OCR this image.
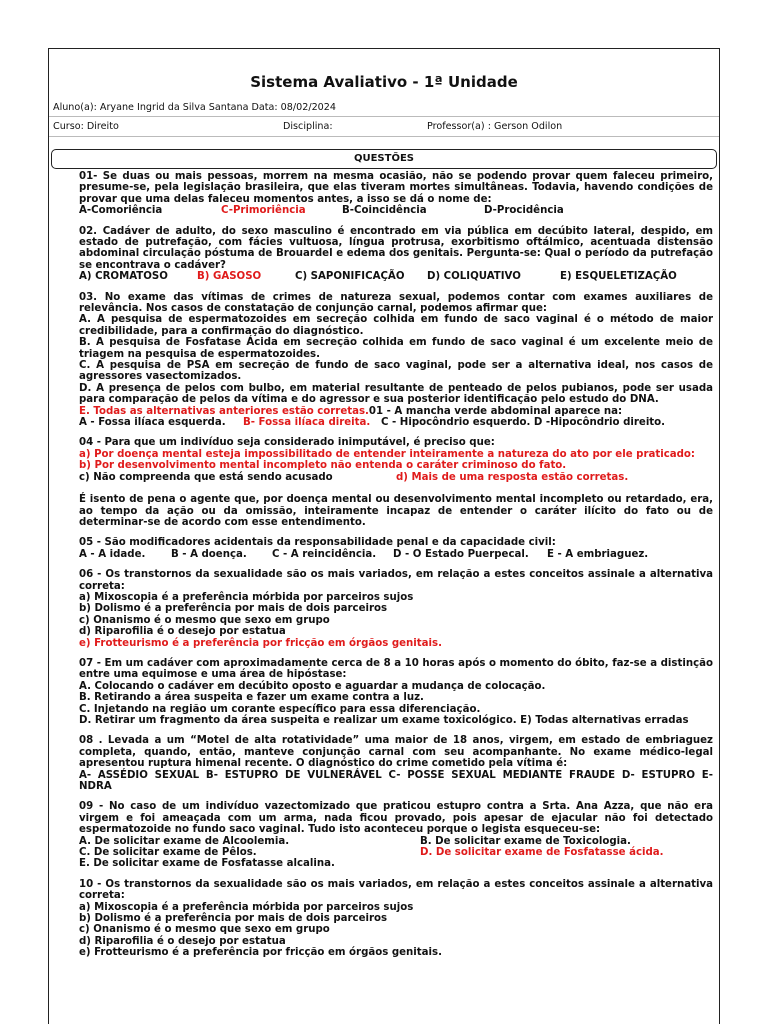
Sistema Avaliativo - 1ª Unidade
Aluno(a): Aryane Ingrid da Silva Santana Data: 08/02/2024
Curso: Direito	Disciplina:	Professor(a) : Gerson Odilon
QUESTÕES

01- Se duas ou mais pessoas, morrem na mesma ocasião, não se podendo provar quem faleceu primeiro, presume-se, pela legislação brasileira, que elas tiveram mortes simultâneas. Todavia, havendo condições de provar que uma delas faleceu momentos antes, a isso se dá o nome de:

A-Comoriência	C-Primoriência	B-Coincidência	D-Procidência

02. Cadáver de adulto, do sexo masculino é encontrado em via pública em decúbito lateral, despido, em estado de putrefação, com fácies vultuosa, língua protrusa, exorbitismo oftálmico, acentuada distensão abdominal circulação póstuma de Brouardel e edema dos genitais. Pergunta-se: Qual o período da putrefação se encontrava o cadáver?

A) CROMATOSO	B) GASOSO	C) SAPONIFICAÇÃO D) COLIQUATIVO	E) ESQUELETIZAÇÃO

03. No exame das vítimas de crimes de natureza sexual, podemos contar com exames auxiliares de relevância. Nos casos de constatação de conjunção carnal, podemos afirmar que:

A. A pesquisa de espermatozoides em secreção colhida em fundo de saco vaginal é o método de maior credibilidade, para a confirmação do diagnóstico.

B. A pesquisa de Fosfatase Ácida em secreção colhida em fundo de saco vaginal é um excelente meio de triagem na pesquisa de espermatozoides.

C. A pesquisa de PSA em secreção de fundo de saco vaginal, pode ser a alternativa ideal, nos casos de agressores vasectomizados.

D. A presença de pelos com bulbo, em material resultante de penteado de pelos pubianos, pode ser usada para comparação de pelos da vítima e do agressor e sua posterior identificação pelo estudo do DNA.

E. Todas as alternativas anteriores estão corretas.01 - A mancha verde abdominal aparece na:

A - Fossa ilíaca esquerda. B- Fossa ilíaca direita. C - Hipocôndrio esquerdo. D -Hipocôndrio direito.

04 - Para que um indivíduo seja considerado inimputável, é preciso que:

a) Por doença mental esteja impossibilitado de entender inteiramente a natureza do ato por ele praticado:

b) Por desenvolvimento mental incompleto não entenda o caráter criminoso do fato.

c) Não compreenda que está sendo acusado	d) Mais de uma resposta estão corretas.

É isento de pena o agente que, por doença mental ou desenvolvimento mental incompleto ou retardado, era, ao tempo da ação ou da omissão, inteiramente incapaz de entender o caráter ilícito do fato ou de determinar-se de acordo com esse entendimento.

05 - São modificadores acidentais da responsabilidade penal e da capacidade civil:

A - A idade.	B - A doença. C - A reincidência. D - O Estado Puerpecal. E - A embriaguez.

06 - Os transtornos da sexualidade são os mais variados, em relação a estes conceitos assinale a alternativa correta:

a) Mixoscopia é a preferência mórbida por parceiros sujos

b) Dolismo é a preferência por mais de dois parceiros

c) Onanismo é o mesmo que sexo em grupo

d) Riparofilia é o desejo por estatua

e) Frotteurismo é a preferência por fricção em órgãos genitais.

07 - Em um cadáver com aproximadamente cerca de 8 a 10 horas após o momento do óbito, faz-se a distinção entre uma equimose e uma área de hipóstase:

A. Colocando o cadáver em decúbito oposto e aguardar a mudança de colocação.

B. Retirando a área suspeita e fazer um exame contra a luz.

C. Injetando na região um corante específico para essa diferenciação.

D. Retirar um fragmento da área suspeita e realizar um exame toxicológico. E) Todas alternativas erradas

08 . Levada a um “Motel de alta rotatividade” uma maior de 18 anos, virgem, em estado de embriaguez completa, quando, então, manteve conjunção carnal com seu acompanhante. No exame médico-legal apresentou ruptura himenal recente. O diagnóstico do crime cometido pela vítima é:

A- ASSÉDIO SEXUAL B- ESTUPRO DE VULNERÁVEL C- POSSE SEXUAL MEDIANTE FRAUDE D- ESTUPRO E-

NDRA

09 - No caso de um indivíduo vazectomizado que praticou estupro contra a Srta. Ana Azza, que não era virgem e foi ameaçada com um arma, nada ficou provado, pois apesar de ejacular não foi detectado espermatozoide no fundo saco vaginal. Tudo isto aconteceu porque o legista esqueceu-se:

A. De solicitar exame de Alcoolemia.	B. De solicitar exame de Toxicologia.
C. De solicitar exame de Pêlos.	D. De solicitar exame de Fosfatasse ácida.

E. De solicitar exame de Fosfatasse alcalina.

10 - Os transtornos da sexualidade são os mais variados, em relação a estes conceitos assinale a alternativa correta:

a) Mixoscopia é a preferência mórbida por parceiros sujos

b) Dolismo é a preferência por mais de dois parceiros

c) Onanismo é o mesmo que sexo em grupo

d) Riparofilia é o desejo por estatua

e) Frotteurismo é a preferência por fricção em órgãos genitais.
